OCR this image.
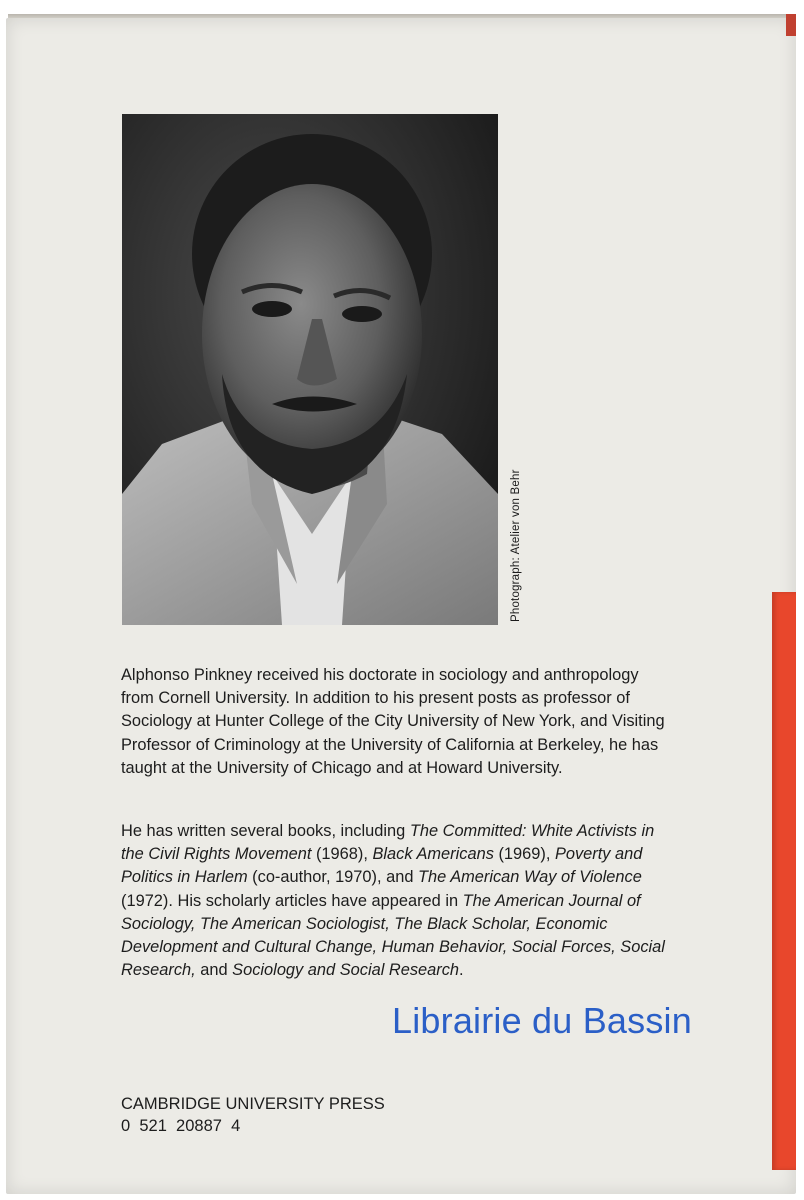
Photograph: Atelier von Behr

Alphonso Pinkney received his doctorate in sociology and anthropology from Cornell University. In addition to his present posts as professor of Sociology at Hunter College of the City University of New York, and Visiting Professor of Criminology at the University of California at Berkeley, he has taught at the University of Chicago and at Howard University.

He has written several books, including The Committed: White Activists in the Civil Rights Movement (1968), Black Americans (1969), Poverty and Politics in Harlem (co-author, 1970), and The American Way of Violence (1972). His scholarly articles have appeared in The American Journal of Sociology, The American Sociologist, The Black Scholar, Economic Development and Cultural Change, Human Behavior, Social Forces, Social Research, and Sociology and Social Research.

Librairie du Bassin
CAMBRIDGE UNIVERSITY PRESS
0  521  20887  4
